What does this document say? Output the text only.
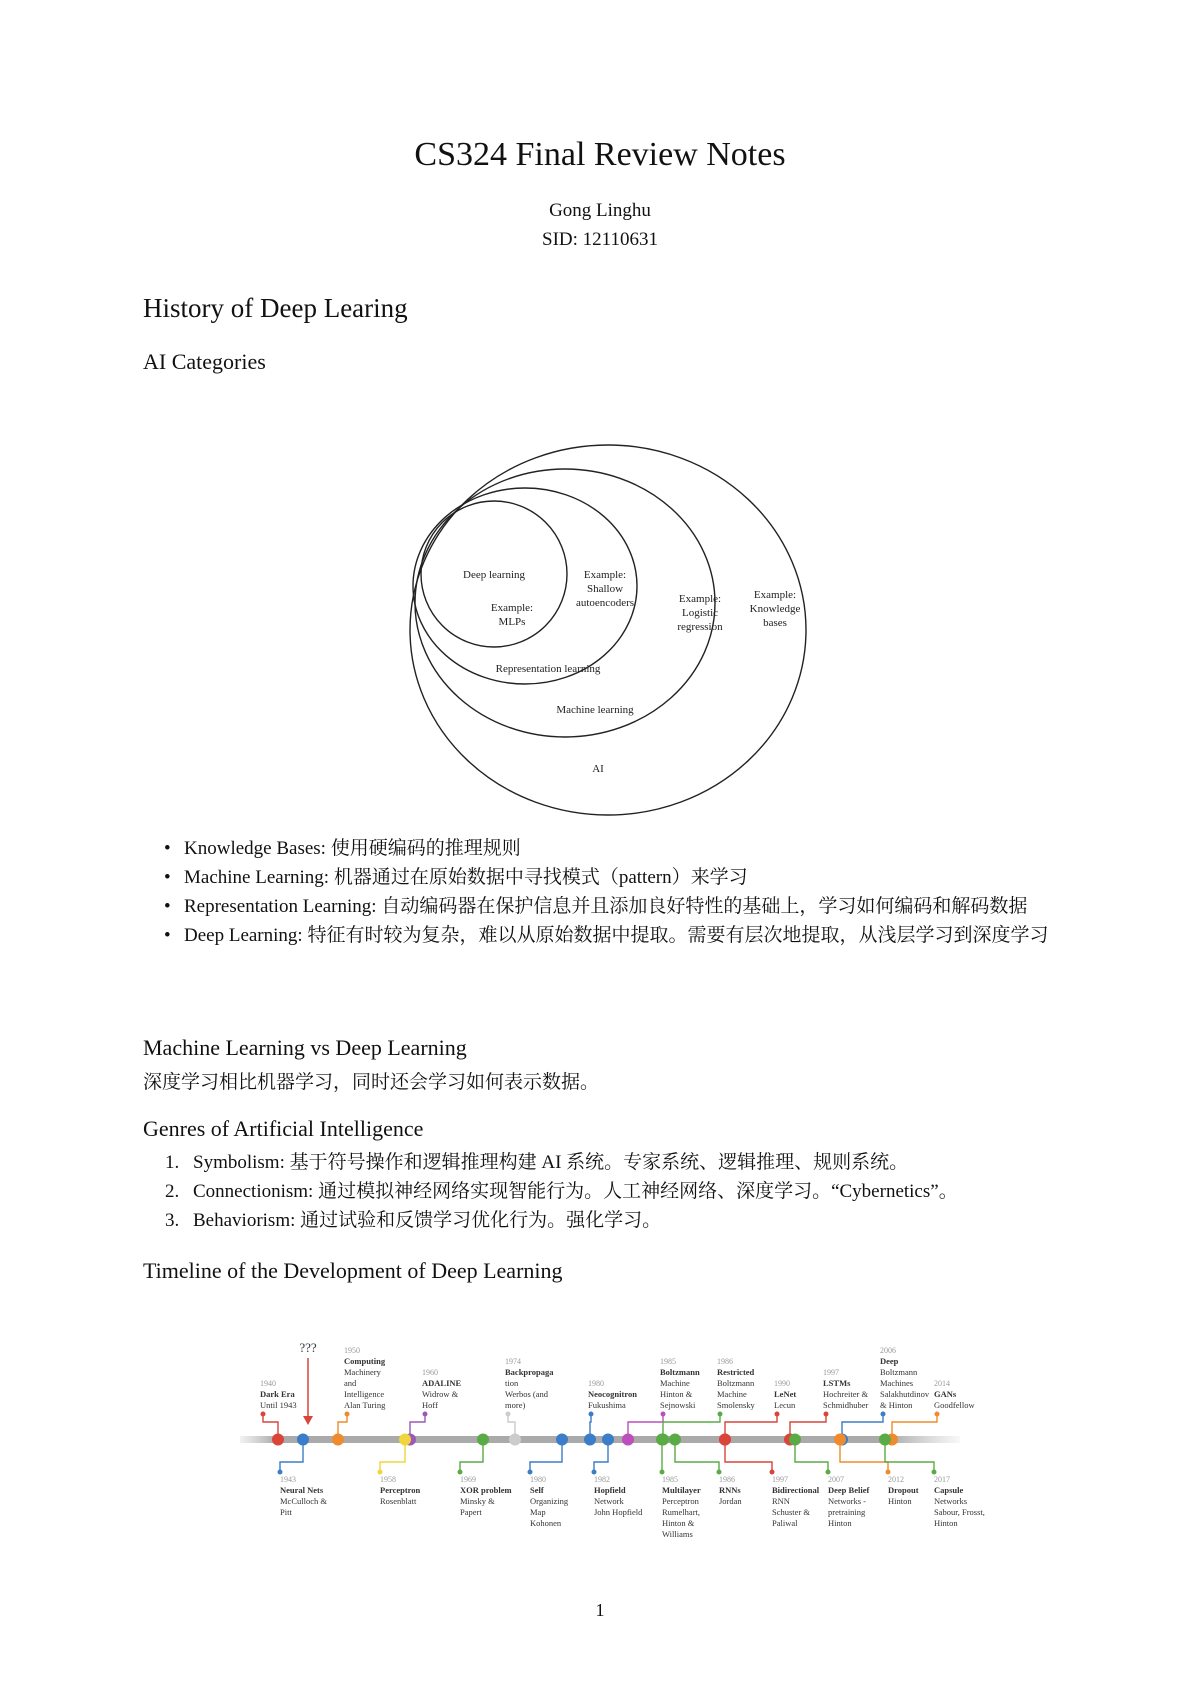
CS324 Final Review Notes
Gong Linghu
SID: 12110631
History of Deep Learing
AI Categories
Deep learning
Example:
MLPs
Example:
Shallow
autoencoders
Representation learning
Example:
Logistic
regression
Machine learning
Example:
Knowledge
bases
AI
• Knowledge Bases: 使用硬编码的推理规则
• Machine Learning: 机器通过在原始数据中寻找模式（pattern）来学习
• Representation Learning: 自动编码器在保护信息并且添加良好特性的基础上，学习如何编码和解码数据
• Deep Learning: 特征有时较为复杂，难以从原始数据中提取。需要有层次地提取，从浅层学习到深度学习
Machine Learning vs Deep Learning
深度学习相比机器学习，同时还会学习如何表示数据。
Genres of Artificial Intelligence
1. Symbolism: 基于符号操作和逻辑推理构建 AI 系统。专家系统、逻辑推理、规则系统。
2. Connectionism: 通过模拟神经网络实现智能行为。人工神经网络、深度学习。“Cybernetics”。
3. Behaviorism: 通过试验和反馈学习优化行为。强化学习。
Timeline of the Development of Deep Learning
???
1940
Dark Era
Until 1943
1950
Computing
Machinery
and
Intelligence
Alan Turing
1960
ADALINE
Widrow &
Hoff
1974
Backpropaga
tion
Werbos (and
more)
1980
Neocognitron
Fukushima
1985
Boltzmann
Machine
Hinton &
Sejnowski
1986
Restricted
Boltzmann
Machine
Smolensky
1990
LeNet
Lecun
1997
LSTMs
Hochreiter &
Schmidhuber
2006
Deep
Boltzmann
Machines
Salakhutdinov
& Hinton
2014
GANs
Goodfellow
1943
Neural Nets
McCulloch &
Pitt
1958
Perceptron
Rosenblatt
1969
XOR problem
Minsky &
Papert
1980
Self
Organizing
Map
Kohonen
1982
Hopfield
Network
John Hopfield
1985
Multilayer
Perceptron
Rumelhart,
Hinton &
Williams
1986
RNNs
Jordan
1997
Bidirectional
RNN
Schuster &
Paliwal
2007
Deep Belief
Networks -
pretraining
Hinton
2012
Dropout
Hinton
2017
Capsule
Networks
Sabour, Frosst,
Hinton
1
